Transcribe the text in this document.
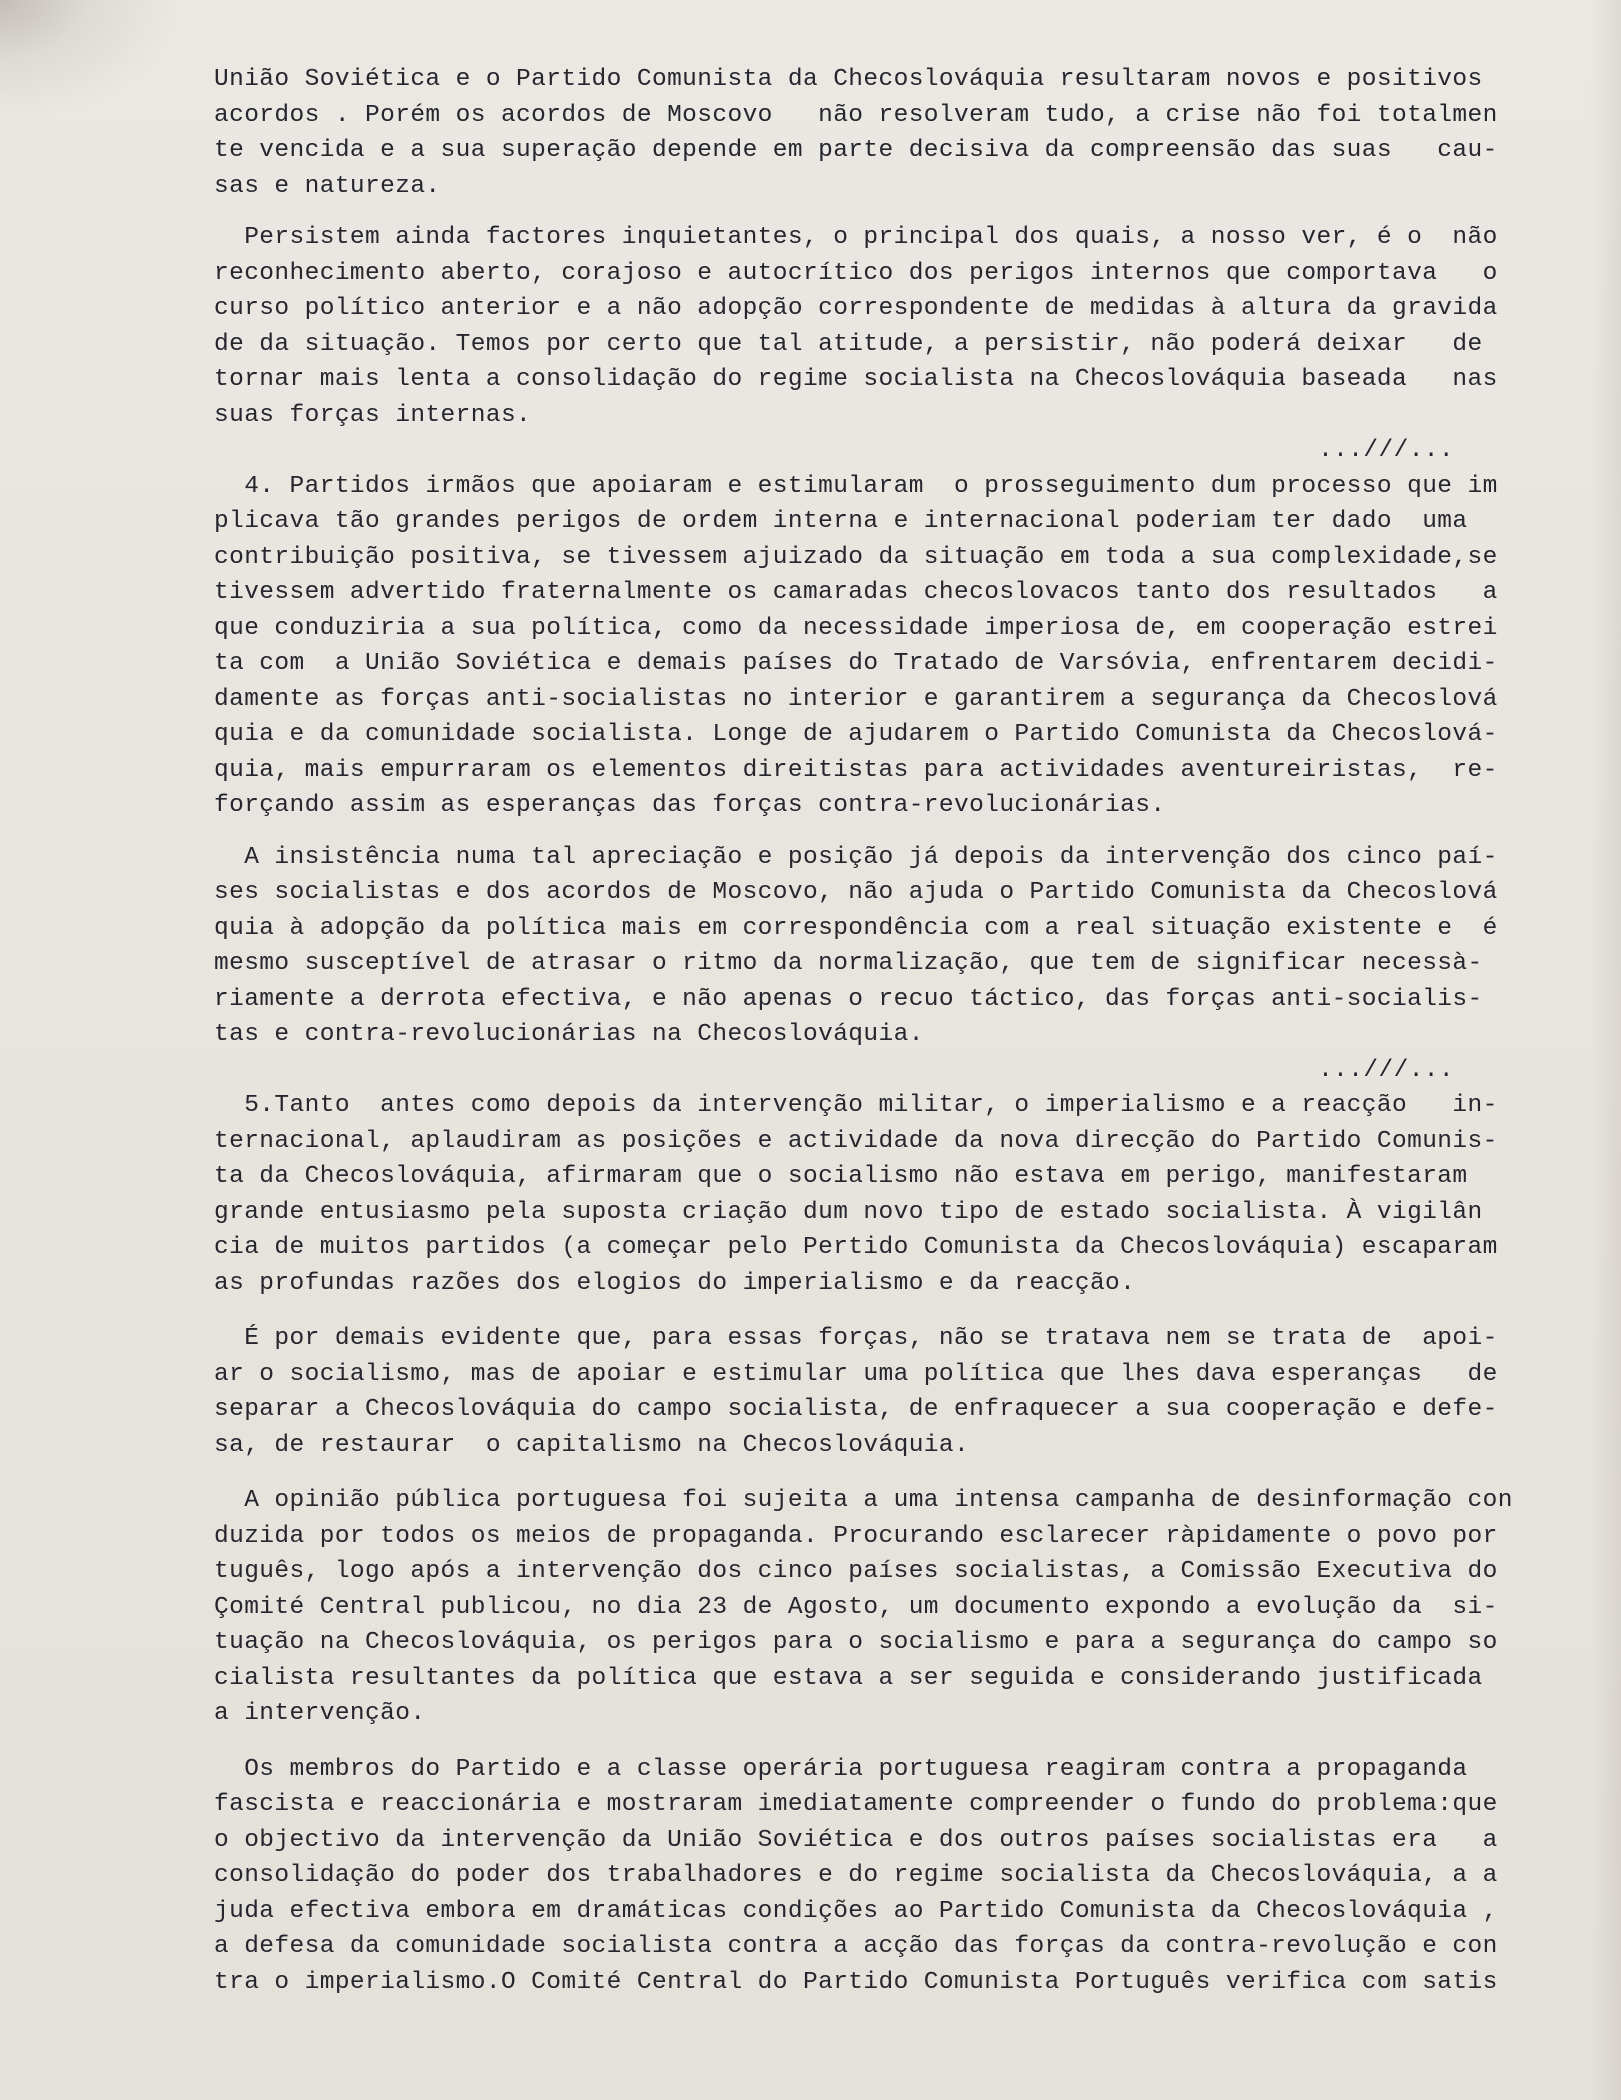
União Soviética e o Partido Comunista da Checoslováquia resultaram novos e positivos
acordos . Porém os acordos de Moscovo   não resolveram tudo, a crise não foi totalmen
te vencida e a sua superação depende em parte decisiva da compreensão das suas   cau-
sas e natureza.
Persistem ainda factores inquietantes, o principal dos quais, a nosso ver, é o  não
reconhecimento aberto, corajoso e autocrítico dos perigos internos que comportava   o
curso político anterior e a não adopção correspondente de medidas à altura da gravida
de da situação. Temos por certo que tal atitude, a persistir, não poderá deixar   de
tornar mais lenta a consolidação do regime socialista na Checoslováquia baseada   nas
suas forças internas.
...///...
4. Partidos irmãos que apoiaram e estimularam  o prosseguimento dum processo que im
plicava tão grandes perigos de ordem interna e internacional poderiam ter dado  uma
contribuição positiva, se tivessem ajuizado da situação em toda a sua complexidade,se
tivessem advertido fraternalmente os camaradas checoslovacos tanto dos resultados   a
que conduziria a sua política, como da necessidade imperiosa de, em cooperação estrei
ta com  a União Soviética e demais países do Tratado de Varsóvia, enfrentarem decidi-
damente as forças anti-socialistas no interior e garantirem a segurança da Checoslová
quia e da comunidade socialista. Longe de ajudarem o Partido Comunista da Checoslová-
quia, mais empurraram os elementos direitistas para actividades aventureiristas,  re-
forçando assim as esperanças das forças contra-revolucionárias.
A insistência numa tal apreciação e posição já depois da intervenção dos cinco paí-
ses socialistas e dos acordos de Moscovo, não ajuda o Partido Comunista da Checoslová
quia à adopção da política mais em correspondência com a real situação existente e  é
mesmo susceptível de atrasar o ritmo da normalização, que tem de significar necessà-
riamente a derrota efectiva, e não apenas o recuo táctico, das forças anti-socialis-
tas e contra-revolucionárias na Checoslováquia.
...///...
5.Tanto  antes como depois da intervenção militar, o imperialismo e a reacção   in-
ternacional, aplaudiram as posições e actividade da nova direcção do Partido Comunis-
ta da Checoslováquia, afirmaram que o socialismo não estava em perigo, manifestaram
grande entusiasmo pela suposta criação dum novo tipo de estado socialista. À vigilân
cia de muitos partidos (a começar pelo Pertido Comunista da Checoslováquia) escaparam
as profundas razões dos elogios do imperialismo e da reacção.
É por demais evidente que, para essas forças, não se tratava nem se trata de  apoi-
ar o socialismo, mas de apoiar e estimular uma política que lhes dava esperanças   de
separar a Checoslováquia do campo socialista, de enfraquecer a sua cooperação e defe-
sa, de restaurar  o capitalismo na Checoslováquia.
A opinião pública portuguesa foi sujeita a uma intensa campanha de desinformação con
duzida por todos os meios de propaganda. Procurando esclarecer ràpidamente o povo por
tuguês, logo após a intervenção dos cinco países socialistas, a Comissão Executiva do
Çomité Central publicou, no dia 23 de Agosto, um documento expondo a evolução da  si-
tuação na Checoslováquia, os perigos para o socialismo e para a segurança do campo so
cialista resultantes da política que estava a ser seguida e considerando justificada
a intervenção.
Os membros do Partido e a classe operária portuguesa reagiram contra a propaganda
fascista e reaccionária e mostraram imediatamente compreender o fundo do problema:que
o objectivo da intervenção da União Soviética e dos outros países socialistas era   a
consolidação do poder dos trabalhadores e do regime socialista da Checoslováquia, a a
juda efectiva embora em dramáticas condições ao Partido Comunista da Checoslováquia ,
a defesa da comunidade socialista contra a acção das forças da contra-revolução e con
tra o imperialismo.O Comité Central do Partido Comunista Português verifica com satis
